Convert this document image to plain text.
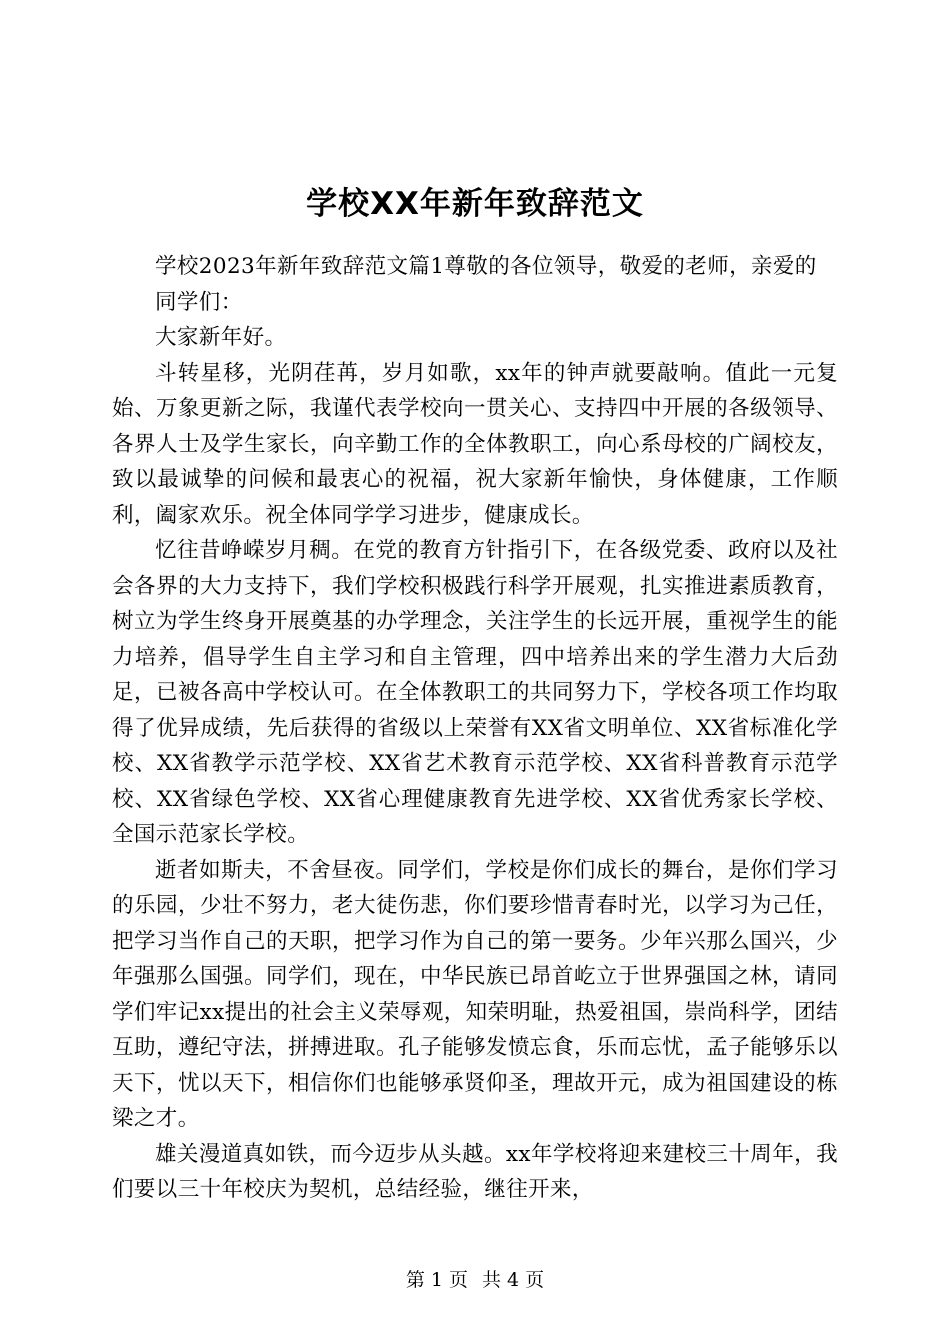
学校XX年新年致辞范文

学校2023年新年致辞范文篇1尊敬的各位领导，敬爱的老师，亲爱的

同学们：

大家新年好。

斗转星移，光阴荏苒，岁月如歌，xx年的钟声就要敲响。值此一元复始、万象更新之际，我谨代表学校向一贯关心、支持四中开展的各级领导、各界人士及学生家长，向辛勤工作的全体教职工，向心系母校的广阔校友，致以最诚挚的问候和最衷心的祝福，祝大家新年愉快，身体健康，工作顺利，阖家欢乐。祝全体同学学习进步，健康成长。

忆往昔峥嵘岁月稠。在党的教育方针指引下，在各级党委、政府以及社会各界的大力支持下，我们学校积极践行科学开展观，扎实推进素质教育，树立为学生终身开展奠基的办学理念，关注学生的长远开展，重视学生的能力培养，倡导学生自主学习和自主管理，四中培养出来的学生潜力大后劲足，已被各高中学校认可。在全体教职工的共同努力下，学校各项工作均取得了优异成绩，先后获得的省级以上荣誉有XX省文明单位、XX省标准化学校、XX省教学示范学校、XX省艺术教育示范学校、XX省科普教育示范学校、XX省绿色学校、XX省心理健康教育先进学校、XX省优秀家长学校、全国示范家长学校。

逝者如斯夫，不舍昼夜。同学们，学校是你们成长的舞台，是你们学习的乐园，少壮不努力，老大徒伤悲，你们要珍惜青春时光，以学习为己任，把学习当作自己的天职，把学习作为自己的第一要务。少年兴那么国兴，少年强那么国强。同学们，现在，中华民族已昂首屹立于世界强国之林，请同学们牢记xx提出的社会主义荣辱观，知荣明耻，热爱祖国，崇尚科学，团结互助，遵纪守法，拼搏进取。孔子能够发愤忘食，乐而忘忧，孟子能够乐以天下，忧以天下，相信你们也能够承贤仰圣，理故开元，成为祖国建设的栋梁之才。

雄关漫道真如铁，而今迈步从头越。xx年学校将迎来建校三十周年，我们要以三十年校庆为契机，总结经验，继往开来，

第 1 页 共 4 页
